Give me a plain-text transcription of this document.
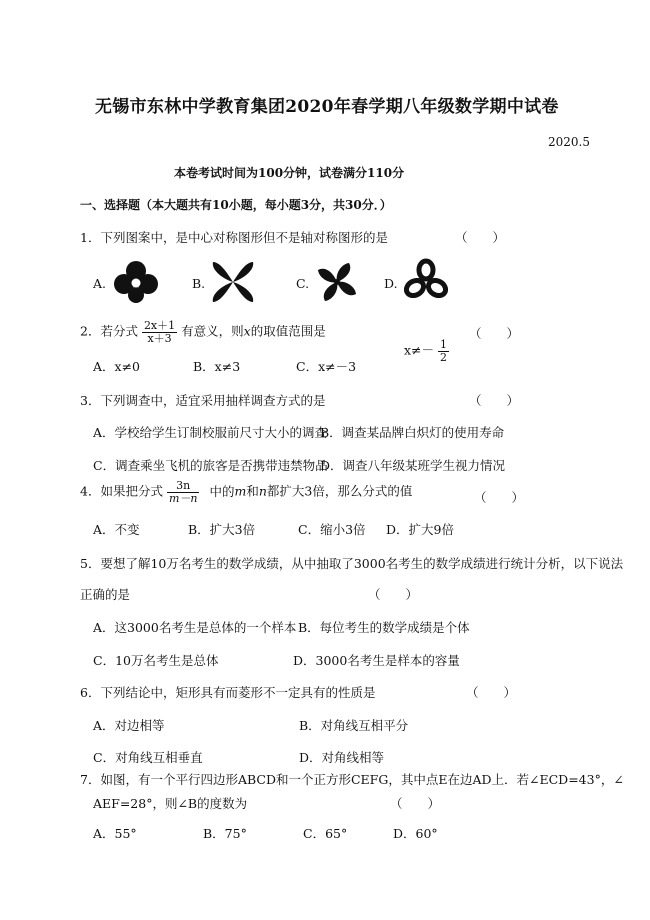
无锡市东林中学教育集团2020年春学期八年级数学期中试卷
2020.5
本卷考试时间为100分钟，试卷满分110分
一、选择题（本大题共有10小题，每小题3分，共30分．）
1．下列图案中，是中心对称图形但不是轴对称图形的是	（　　）
A.	B.	C.	D.
2．若分式 $\frac{2x+1}{x+3}$ 有意义，则x的取值范围是	（　　）
A．x≠0	B．x≠3	C．x≠－3
$x\ne- \frac{1}{2}$
3．下列调查中，适宜采用抽样调查方式的是	（　　）
A．学校给学生订制校服前尺寸大小的调查
B．调查某品牌白炽灯的使用寿命
C．调查乘坐飞机的旅客是否携带违禁物品
D．调查八年级某班学生视力情况
4．如果把分式 $\frac{3n}{m-n}$ 中的m和n都扩大3倍，那么分式的值	（　　）
A．不变	B．扩大3倍	C．缩小3倍 D．扩大9倍
5．要想了解10万名考生的数学成绩，从中抽取了3000名考生的数学成绩进行统计分析，以下说法
正确的是	（　　）
A．这3000名考生是总体的一个样本 B．每位考生的数学成绩是个体
C．10万名考生是总体	D．3000名考生是样本的容量
6．下列结论中，矩形具有而菱形不一定具有的性质是	（　　）
A．对边相等	B．对角线互相平分
C．对角线互相垂直	D．对角线相等
7．如图，有一个平行四边形ABCD和一个正方形CEFG，其中点E在边AD上．若∠ECD=43°，∠
AEF=28°，则∠B的度数为	（　　）
A．55°	B．75°	C．65°	D．60°
